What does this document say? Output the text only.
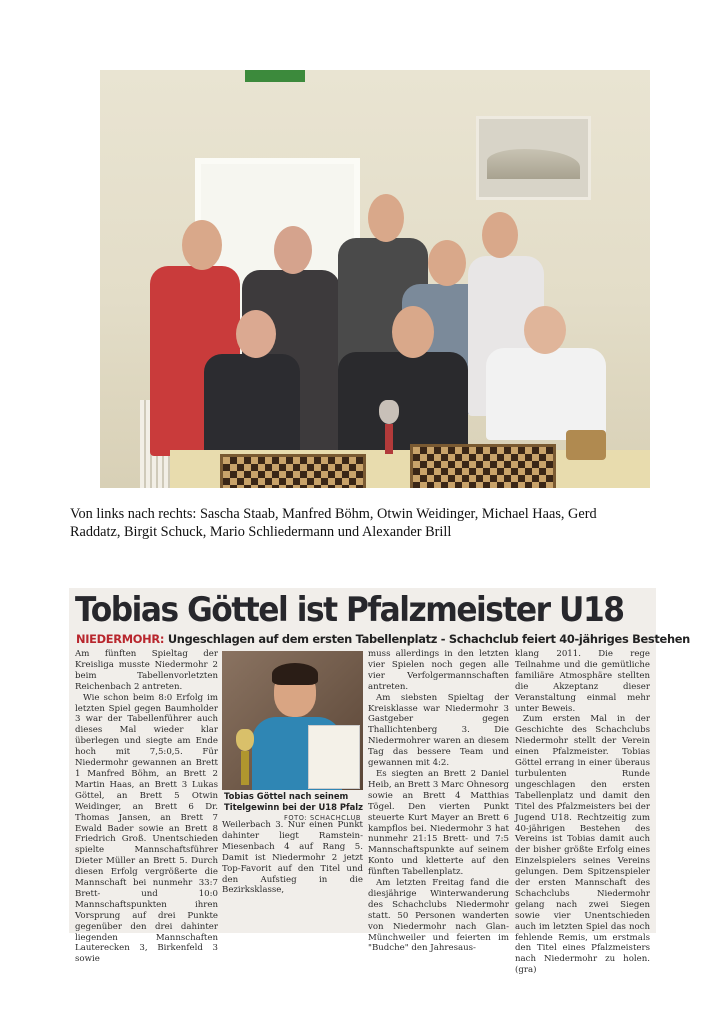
Von links nach rechts: Sascha Staab, Manfred Böhm, Otwin Weidinger, Michael Haas, Gerd Raddatz, Birgit Schuck, Mario Schliedermann und Alexander Brill
Tobias Göttel ist Pfalzmeister U18
NIEDERMOHR: Ungeschlagen auf dem ersten Tabellenplatz - Schachclub feiert 40-jähriges Bestehen

Am fünften Spieltag der Kreisliga musste Niedermohr 2 beim Tabellenvorletzten Reichenbach 2 antreten.

Wie schon beim 8:0 Erfolg im letzten Spiel gegen Baumholder 3 war der Tabellenführer auch dieses Mal wieder klar überlegen und siegte am Ende hoch mit 7,5:0,5. Für Niedermohr gewannen an Brett 1 Manfred Böhm, an Brett 2 Martin Haas, an Brett 3 Lukas Göttel, an Brett 5 Otwin Weidinger, an Brett 6 Dr. Thomas Jansen, an Brett 7 Ewald Bader sowie an Brett 8 Friedrich Groß. Unentschieden spielte Mannschaftsführer Dieter Müller an Brett 5. Durch diesen Erfolg vergrößerte die Mannschaft bei nunmehr 33:7 Brett- und 10:0 Mannschaftspunkten ihren Vorsprung auf drei Punkte gegenüber den drei dahinter liegenden Mannschaften Lauterecken 3, Birkenfeld 3 sowie

Tobias Göttel nach seinem Titelgewinn bei der U18 Pfalz
FOTO: SCHACHCLUB

Weilerbach 3. Nur einen Punkt dahinter liegt Ramstein-Miesenbach 4 auf Rang 5. Damit ist Niedermohr 2 jetzt Top-Favorit auf den Titel und den Aufstieg in die Bezirksklasse,

muss allerdings in den letzten vier Spielen noch gegen alle vier Verfolgermannschaften antreten.

Am siebsten Spieltag der Kreisklasse war Niedermohr 3 Gastgeber gegen Thallichtenberg 3. Die Niedermohrer waren an diesem Tag das bessere Team und gewannen mit 4:2.

Es siegten an Brett 2 Daniel Heib, an Brett 3 Marc Ohnesorg sowie an Brett 4 Matthias Tögel. Den vierten Punkt steuerte Kurt Mayer an Brett 6 kampflos bei. Niedermohr 3 hat nunmehr 21:15 Brett- und 7:5 Mannschaftspunkte auf seinem Konto und kletterte auf den fünften Tabellenplatz.

Am letzten Freitag fand die diesjährige Winterwanderung des Schachclubs Niedermohr statt. 50 Personen wanderten von Niedermohr nach Glan-Münchweiler und feierten im "Budche" den Jahresaus-

klang 2011. Die rege Teilnahme und die gemütliche familiäre Atmosphäre stellten die Akzeptanz dieser Veranstaltung einmal mehr unter Beweis.

Zum ersten Mal in der Geschichte des Schachclubs Niedermohr stellt der Verein einen Pfalzmeister. Tobias Göttel errang in einer überaus turbulenten Runde ungeschlagen den ersten Tabellenplatz und damit den Titel des Pfalzmeisters bei der Jugend U18. Rechtzeitig zum 40-jährigen Bestehen des Vereins ist Tobias damit auch der bisher größte Erfolg eines Einzelspielers seines Vereins gelungen. Dem Spitzenspieler der ersten Mannschaft des Schachclubs Niedermohr gelang nach zwei Siegen sowie vier Unentschieden auch im letzten Spiel das noch fehlende Remis, um erstmals den Titel eines Pfalzmeisters nach Niedermohr zu holen. (gra)
